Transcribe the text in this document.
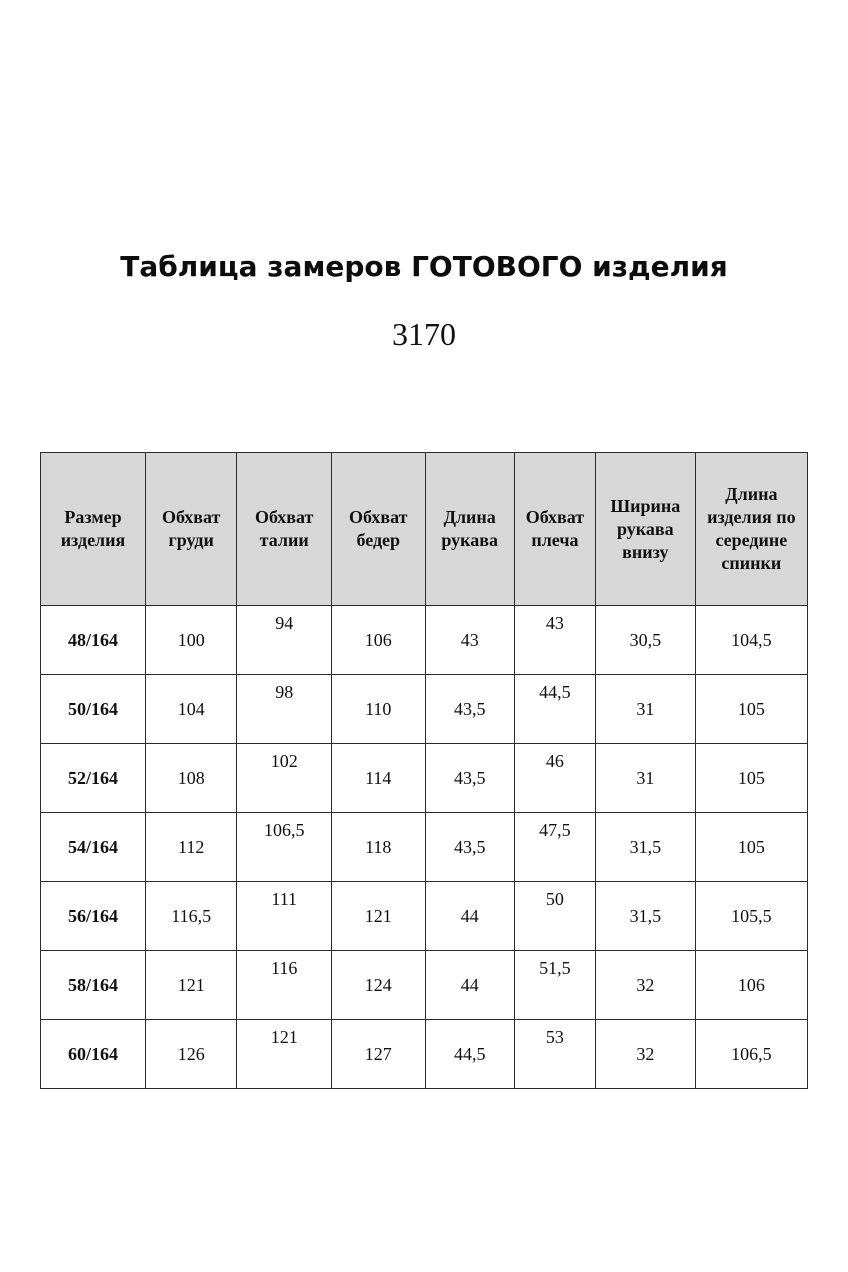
Таблица замеров ГОТОВОГО изделия
3170
Размер изделия	Обхват груди	Обхват талии	Обхват бедер	Длина рукава	Обхват плеча	Ширина рукава внизу	Длина изделия по середине спинки
48/164	100	94	106	43	43	30,5	104,5
50/164	104	98	110	43,5	44,5	31	105
52/164	108	102	114	43,5	46	31	105
54/164	112	106,5	118	43,5	47,5	31,5	105
56/164	116,5	111	121	44	50	31,5	105,5
58/164	121	116	124	44	51,5	32	106
60/164	126	121	127	44,5	53	32	106,5
